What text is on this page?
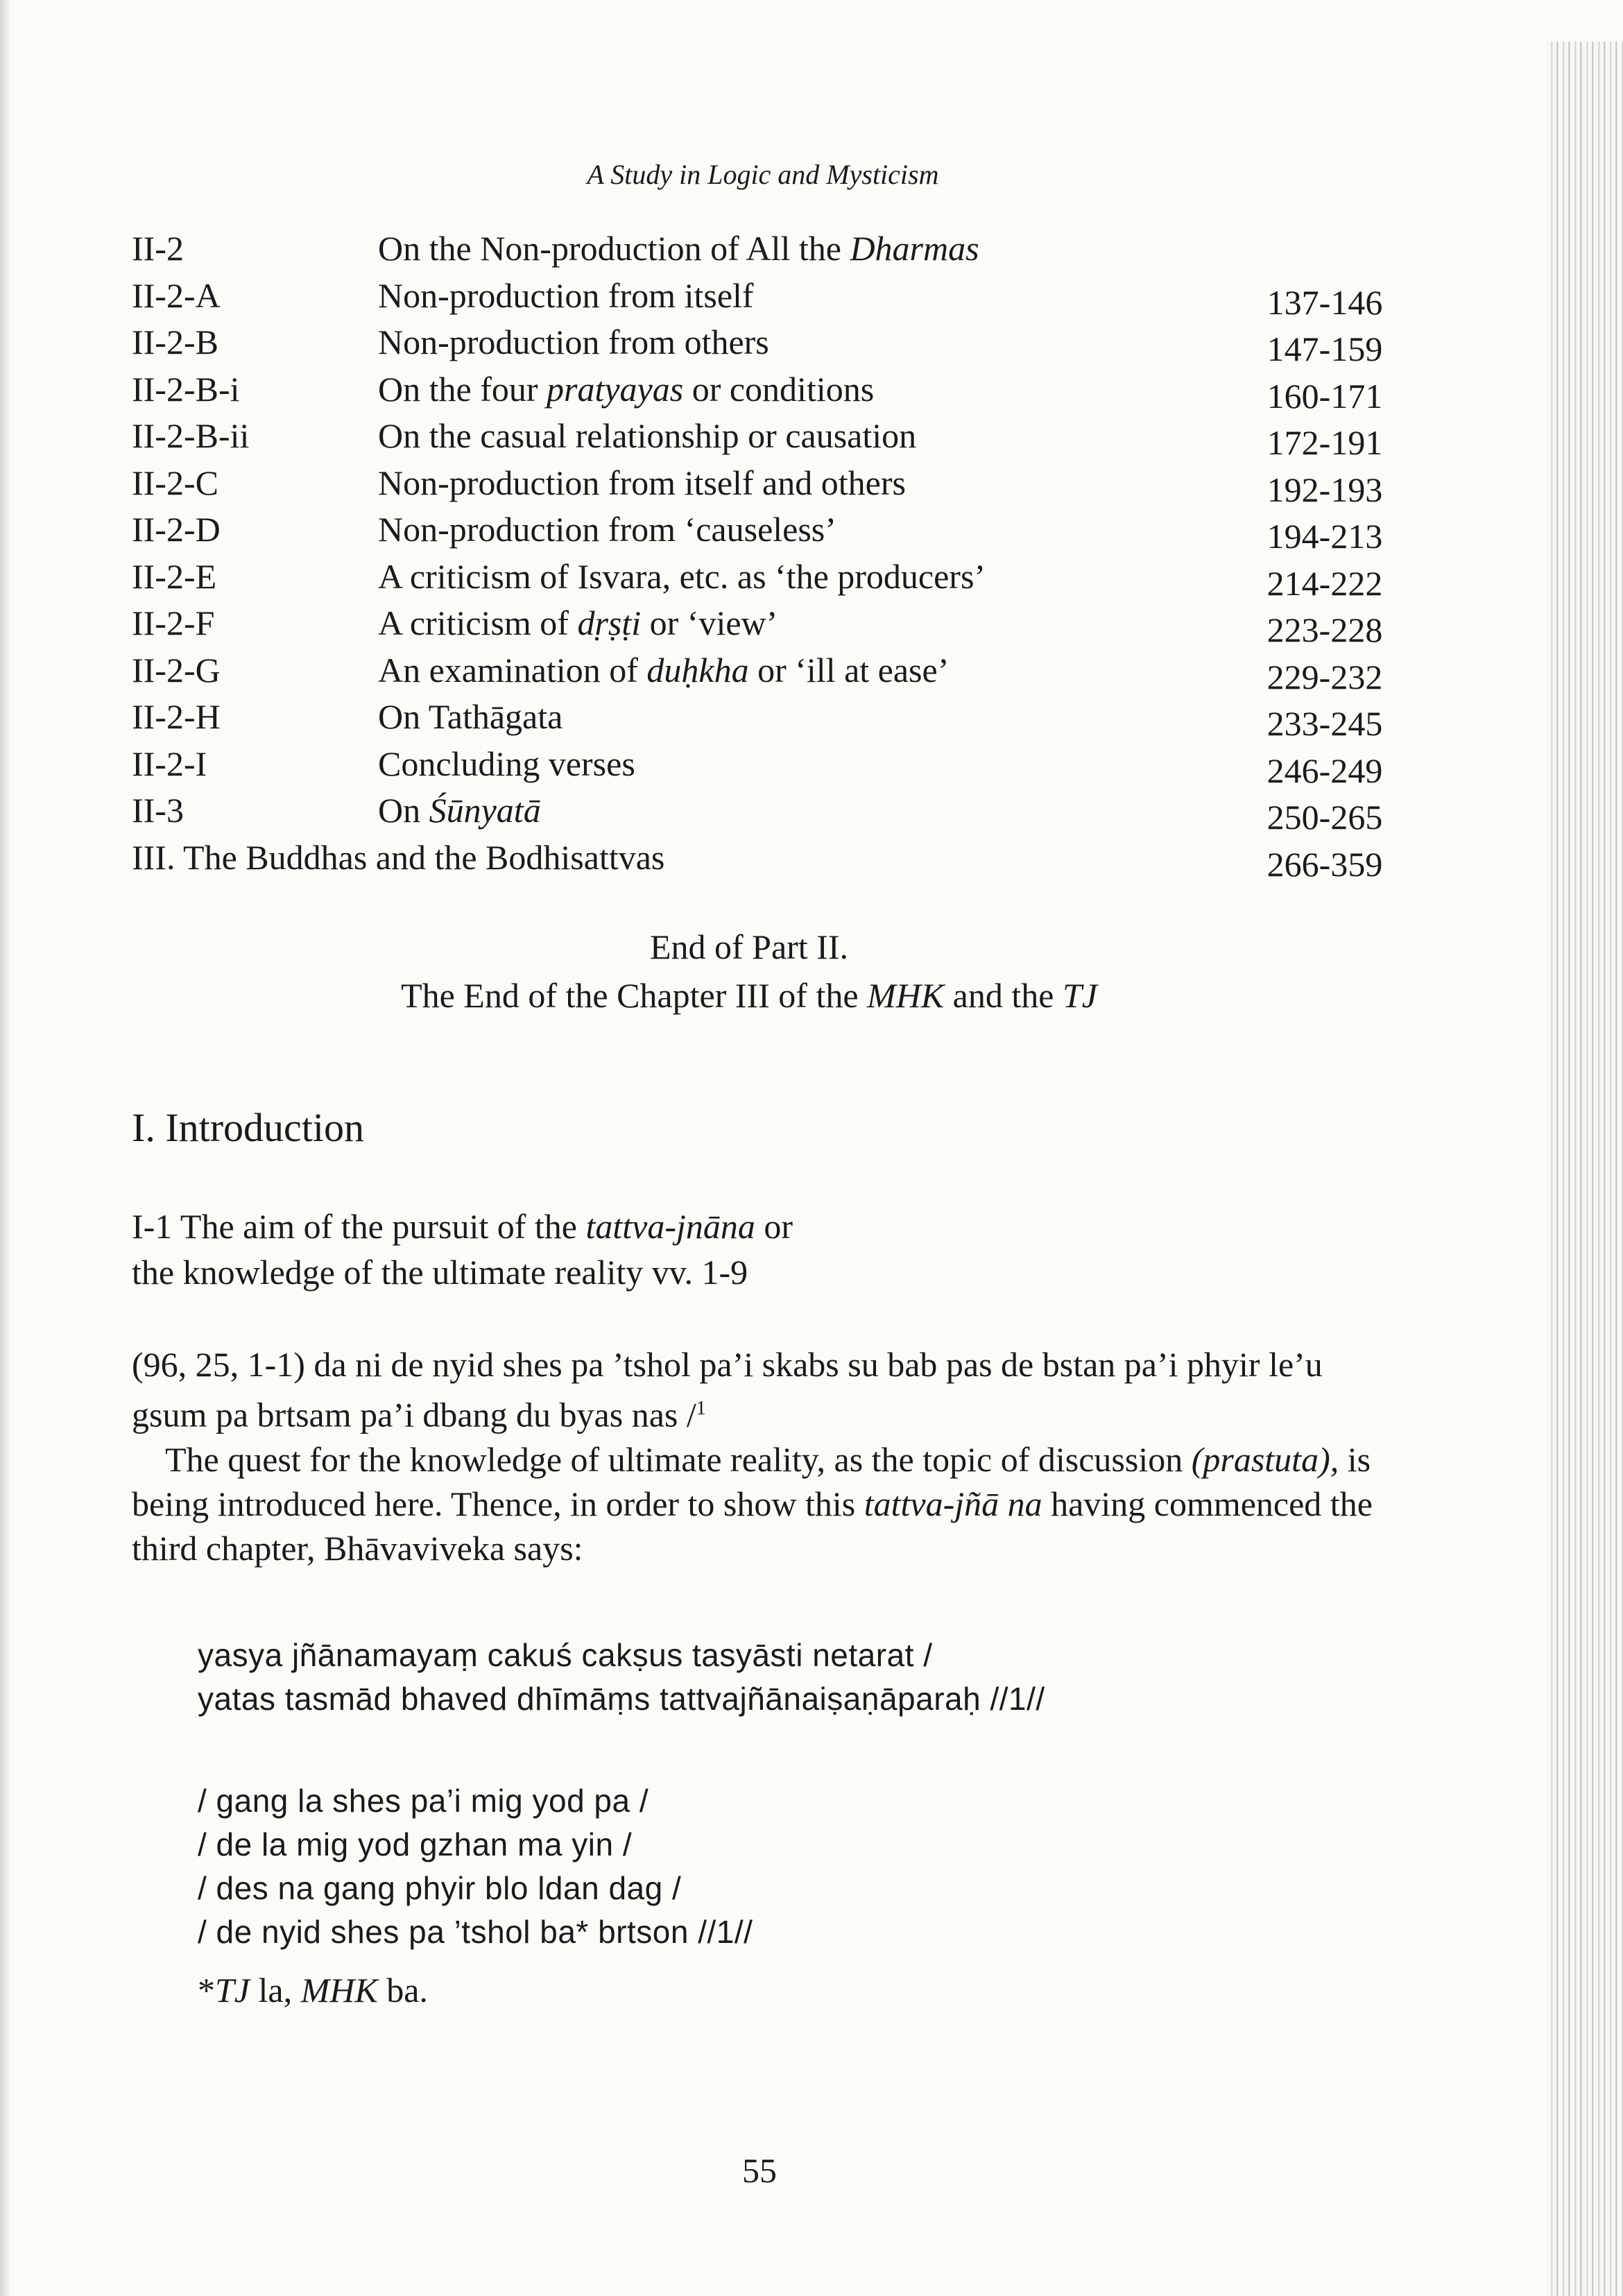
A Study in Logic and Mysticism
II-2	On the Non-production of All the Dharmas
II-2-A	Non-production from itself	137-146
II-2-B	Non-production from others	147-159
II-2-B-i	On the four pratyayas or conditions	160-171
II-2-B-ii	On the casual relationship or causation	172-191
II-2-C	Non-production from itself and others	192-193
II-2-D	Non-production from ‘causeless’	194-213
II-2-E	A criticism of Isvara, etc. as ‘the producers’	214-222
II-2-F	A criticism of dṛṣṭi or ‘view’	223-228
II-2-G	An examination of duḥkha or ‘ill at ease’	229-232
II-2-H	On Tathāgata	233-245
II-2-I	Concluding verses	246-249
II-3	On Śūnyatā	250-265
III. The Buddhas and the Bodhisattvas	266-359
End of Part II.
The End of the Chapter III of the MHK and the TJ
I. Introduction
I-1 The aim of the pursuit of the tattva-jnāna or
the knowledge of the ultimate reality vv. 1-9

(96, 25, 1-1) da ni de nyid shes pa ’tshol pa’i skabs su bab pas de bstan pa’i phyir le’u gsum pa brtsam pa’i dbang du byas nas /$^1$

The quest for the knowledge of ultimate reality, as the topic of discussion (prastuta), is being introduced here. Thence, in order to show this tattva-jñā na having commenced the third chapter, Bhāvaviveka says:

yasya jñānamayaṃ cakuś cakṣus tasyāsti netarat /
yatas tasmād bhaved dhīmāṃs tattvajñānaiṣaṇāparaḥ //1//
/ gang la shes pa’i mig yod pa /
/ de la mig yod gzhan ma yin /
/ des na gang phyir blo ldan dag /
/ de nyid shes pa ’tshol ba* brtson //1//
*TJ la, MHK ba.
55
